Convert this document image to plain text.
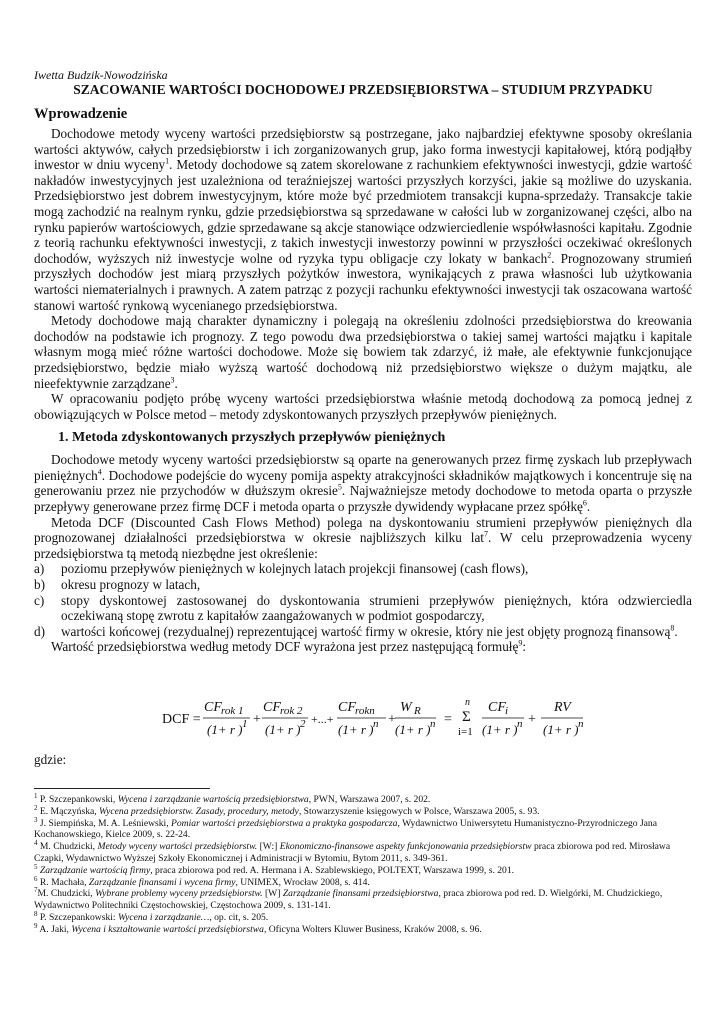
Iwetta Budzik-Nowodzińska

SZACOWANIE WARTOŚCI DOCHODOWEJ PRZEDSIĘBIORSTWA – STUDIUM PRZYPADKU
Wprowadzenie

Dochodowe metody wyceny wartości przedsiębiorstw są postrzegane, jako najbardziej efektywne sposoby określania wartości aktywów, całych przedsiębiorstw i ich zorganizowanych grup, jako forma inwestycji kapitałowej, którą podjąłby inwestor w dniu wyceny$^1$. Metody dochodowe są zatem skorelowane z rachunkiem efektywności inwestycji, gdzie wartość nakładów inwestycyjnych jest uzależniona od teraźniejszej wartości przyszłych korzyści, jakie są możliwe do uzyskania. Przedsiębiorstwo jest dobrem inwestycyjnym, które może być przedmiotem transakcji kupna-sprzedaży. Transakcje takie mogą zachodzić na realnym rynku, gdzie przedsiębiorstwa są sprzedawane w całości lub w zorganizowanej części, albo na rynku papierów wartościowych, gdzie sprzedawane są akcje stanowiące odzwierciedlenie współwłasności kapitału. Zgodnie z teorią rachunku efektywności inwestycji, z takich inwestycji inwestorzy powinni w przyszłości oczekiwać określonych dochodów, wyższych niż inwestycje wolne od ryzyka typu obligacje czy lokaty w bankach$^2$. Prognozowany strumień przyszłych dochodów jest miarą przyszłych pożytków inwestora, wynikających z prawa własności lub użytkowania wartości niematerialnych i prawnych. A zatem patrząc z pozycji rachunku efektywności inwestycji tak oszacowana wartość stanowi wartość rynkową wycenianego przedsiębiorstwa.

Metody dochodowe mają charakter dynamiczny i polegają na określeniu zdolności przedsiębiorstwa do kreowania dochodów na podstawie ich prognozy. Z tego powodu dwa przedsiębiorstwa o takiej samej wartości majątku i kapitale własnym mogą mieć różne wartości dochodowe. Może się bowiem tak zdarzyć, iż małe, ale efektywnie funkcjonujące przedsiębiorstwo, będzie miało wyższą wartość dochodową niż przedsiębiorstwo większe o dużym majątku, ale nieefektywnie zarządzane$^3$.

W opracowaniu podjęto próbę wyceny wartości przedsiębiorstwa właśnie metodą dochodową za pomocą jednej z obowiązujących w Polsce metod – metody zdyskontowanych przyszłych przepływów pieniężnych.

1. Metoda zdyskontowanych przyszłych przepływów pieniężnych

Dochodowe metody wyceny wartości przedsiębiorstw są oparte na generowanych przez firmę zyskach lub przepływach pieniężnych$^4$. Dochodowe podejście do wyceny pomija aspekty atrakcyjności składników majątkowych i koncentruje się na generowaniu przez nie przychodów w dłuższym okresie$^5$. Najważniejsze metody dochodowe to metoda oparta o przyszłe przepływy generowane przez firmę DCF i metoda oparta o przyszłe dywidendy wypłacane przez spółkę$^6$.

Metoda DCF (Discounted Cash Flows Method) polega na dyskontowaniu strumieni przepływów pieniężnych dla prognozowanej działalności przedsiębiorstwa w okresie najbliższych kilku lat$^7$. W celu przeprowadzenia wyceny przedsiębiorstwa tą metodą niezbędne jest określenie:

a)	poziomu przepływów pieniężnych w kolejnych latach projekcji finansowej (cash flows),
b)	okresu prognozy w latach,
c)	stopy dyskontowej zastosowanej do dyskontowania strumieni przepływów pieniężnych, która odzwierciedla oczekiwaną stopę zwrotu z kapitałów zaangażowanych w podmiot gospodarczy,
d)	wartości końcowej (rezydualnej) reprezentującej wartość firmy w okresie, który nie jest objęty prognozą finansową$^8$.

Wartość przedsiębiorstwa według metody DCF wyrażona jest przez następującą formułę$^9$:

DCF =
CF rok 1
(1+ r ) 1 +
CF rok 2
(1+ r ) 2 +...+
CF rokn
(1+ r ) n +
W R
(1+ r ) n =
n
Σ
i=1
CF i
(1+ r ) n +
RV
(1+ r ) n

gdzie:

$^1$ P. Szczepankowski, Wycena i zarządzanie wartością przedsiębiorstwa, PWN, Warszawa 2007, s. 202.
$^2$ E. Mączyńska, Wycena przedsiębiorstw. Zasady, procedury, metody, Stowarzyszenie księgowych w Polsce, Warszawa 2005, s. 93.
$^3$ J. Siempińska, M. A. Leśniewski, Pomiar wartości przedsiębiorstwa a praktyka gospodarcza, Wydawnictwo Uniwersytetu Humanistyczno-Przyrodniczego Jana Kochanowskiego, Kielce 2009, s. 22-24.
$^4$ M. Chudzicki, Metody wyceny wartości przedsiębiorstw. [W:] Ekonomiczno-finansowe aspekty funkcjonowania przedsiębiorstw praca zbiorowa pod red. Mirosława Czapki, Wydawnictwo Wyższej Szkoły Ekonomicznej i Administracji w Bytomiu, Bytom 2011, s. 349-361.
$^5$ Zarządzanie wartością firmy, praca zbiorowa pod red. A. Hermana i A. Szablewskiego, POLTEXT, Warszawa 1999, s. 201.
$^6$ R. Machała, Zarządzanie finansami i wycena firmy, UNIMEX, Wrocław 2008, s. 414.
$^7$M. Chudzicki, Wybrane problemy wyceny przedsiębiorstw. [W] Zarządzanie finansami przedsiębiorstwa, praca zbiorowa pod red. D. Wielgórki, M. Chudzickiego, Wydawnictwo Politechniki Częstochowskiej, Częstochowa 2009, s. 131-141.
$^8$ P. Szczepankowski: Wycena i zarządzanie…, op. cit, s. 205.
$^9$ A. Jaki, Wycena i kształtowanie wartości przedsiębiorstwa, Oficyna Wolters Kluwer Business, Kraków 2008, s. 96.
